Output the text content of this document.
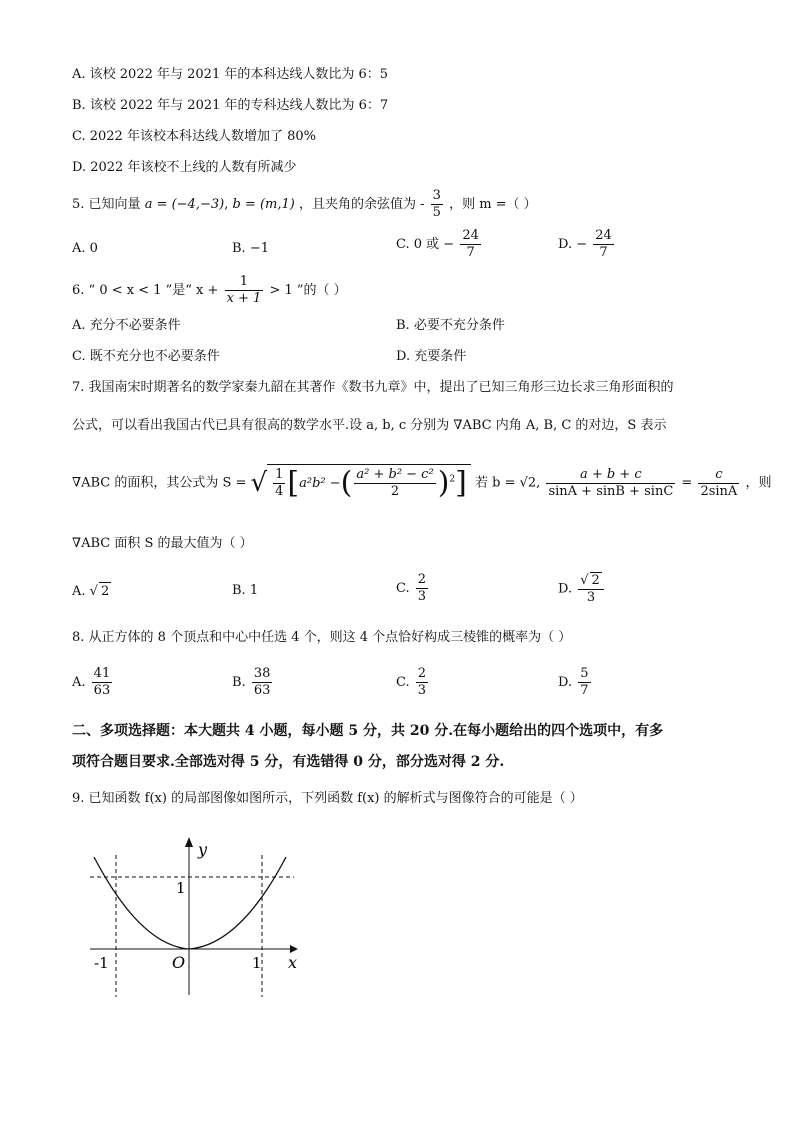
A. 该校 2022 年与 2021 年的本科达线人数比为 6：5
B. 该校 2022 年与 2021 年的专科达线人数比为 6：7
C. 2022 年该校本科达线人数增加了 80%
D. 2022 年该校不上线的人数有所减少
5. 已知向量 a = (−4,−3), b = (m,1) ，且夹角的余弦值为 - $\frac{3}{5}$ ，则 m =（ ）
A. 0	B. −1	C. 0 或 − $\frac{24}{7}$	D. − $\frac{24}{7}$
6. “ 0 < x < 1 ”是“ $x + \frac{1}{x + 1} > 1$ ”的（ ）
A. 充分不必要条件	B. 必要不充分条件
C. 既不充分也不必要条件	D. 充要条件
7. 我国南宋时期著名的数学家秦九韶在其著作《数书九章》中，提出了已知三角形三边长求三角形面积的
公式，可以看出我国古代已具有很高的数学水平.设 a, b, c 分别为 ∇ABC 内角 A, B, C 的对边，S 表示
∇ABC 的面积，其公式为 S = √ $\frac{1}{4} [a^2b^2$ −( $\frac{\text{a² + b² − c²}}{2} )^2$] 若 b = √2, $\frac{a + b + c}{\sin A + \sin B + \sin C} = \frac{c}{2\sin A}$ ，则
∇ABC 面积 S 的最大值为（ ）
A. √ 2	B. 1	C. $\frac{2}{3}$	D. $\frac{√ 2}{3}$
8. 从正方体的 8 个顶点和中心中任选 4 个，则这 4 个点恰好构成三棱锥的概率为（ ）
A. $\frac{41}{63}$	B. $\frac{38}{63}$	C. $\frac{2}{3}$	D. $\frac{5}{7}$
二、多项选择题：本大题共 4 小题，每小题 5 分，共 20 分.在每小题给出的四个选项中，有多
项符合题目要求.全部选对得 5 分，有选错得 0 分，部分选对得 2 分.
9. 已知函数 f(x) 的局部图像如图所示，下列函数 f(x) 的解析式与图像符合的可能是（ ）
y
x
O
1
-1	1
